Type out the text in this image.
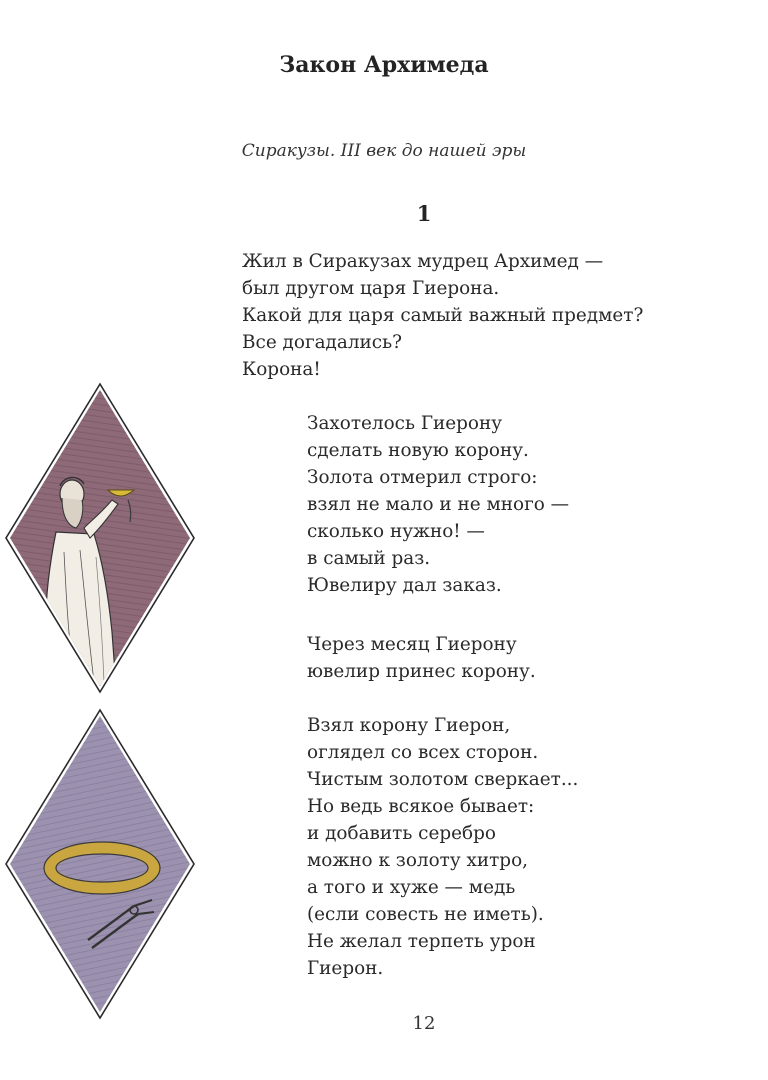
Закон Архимеда
Сиракузы. III век до нашей эры
1
Жил в Сиракузах мудрец Архимед —
был другом царя Гиерона.
Какой для царя самый важный предмет?
Все догадались?
Корона!
Захотелось Гиерону
сделать новую корону.
Золота отмерил строго:
взял не мало и не много —
сколько нужно! —
в самый раз.
Ювелиру дал заказ.
Через месяц Гиерону
ювелир принес корону.
Взял корону Гиерон,
оглядел со всех сторон.
Чистым золотом сверкает...
Но ведь всякое бывает:
и добавить серебро
можно к золоту хитро,
а того и хуже — медь
(если совесть не иметь).
Не желал терпеть урон
Гиерон.
12
